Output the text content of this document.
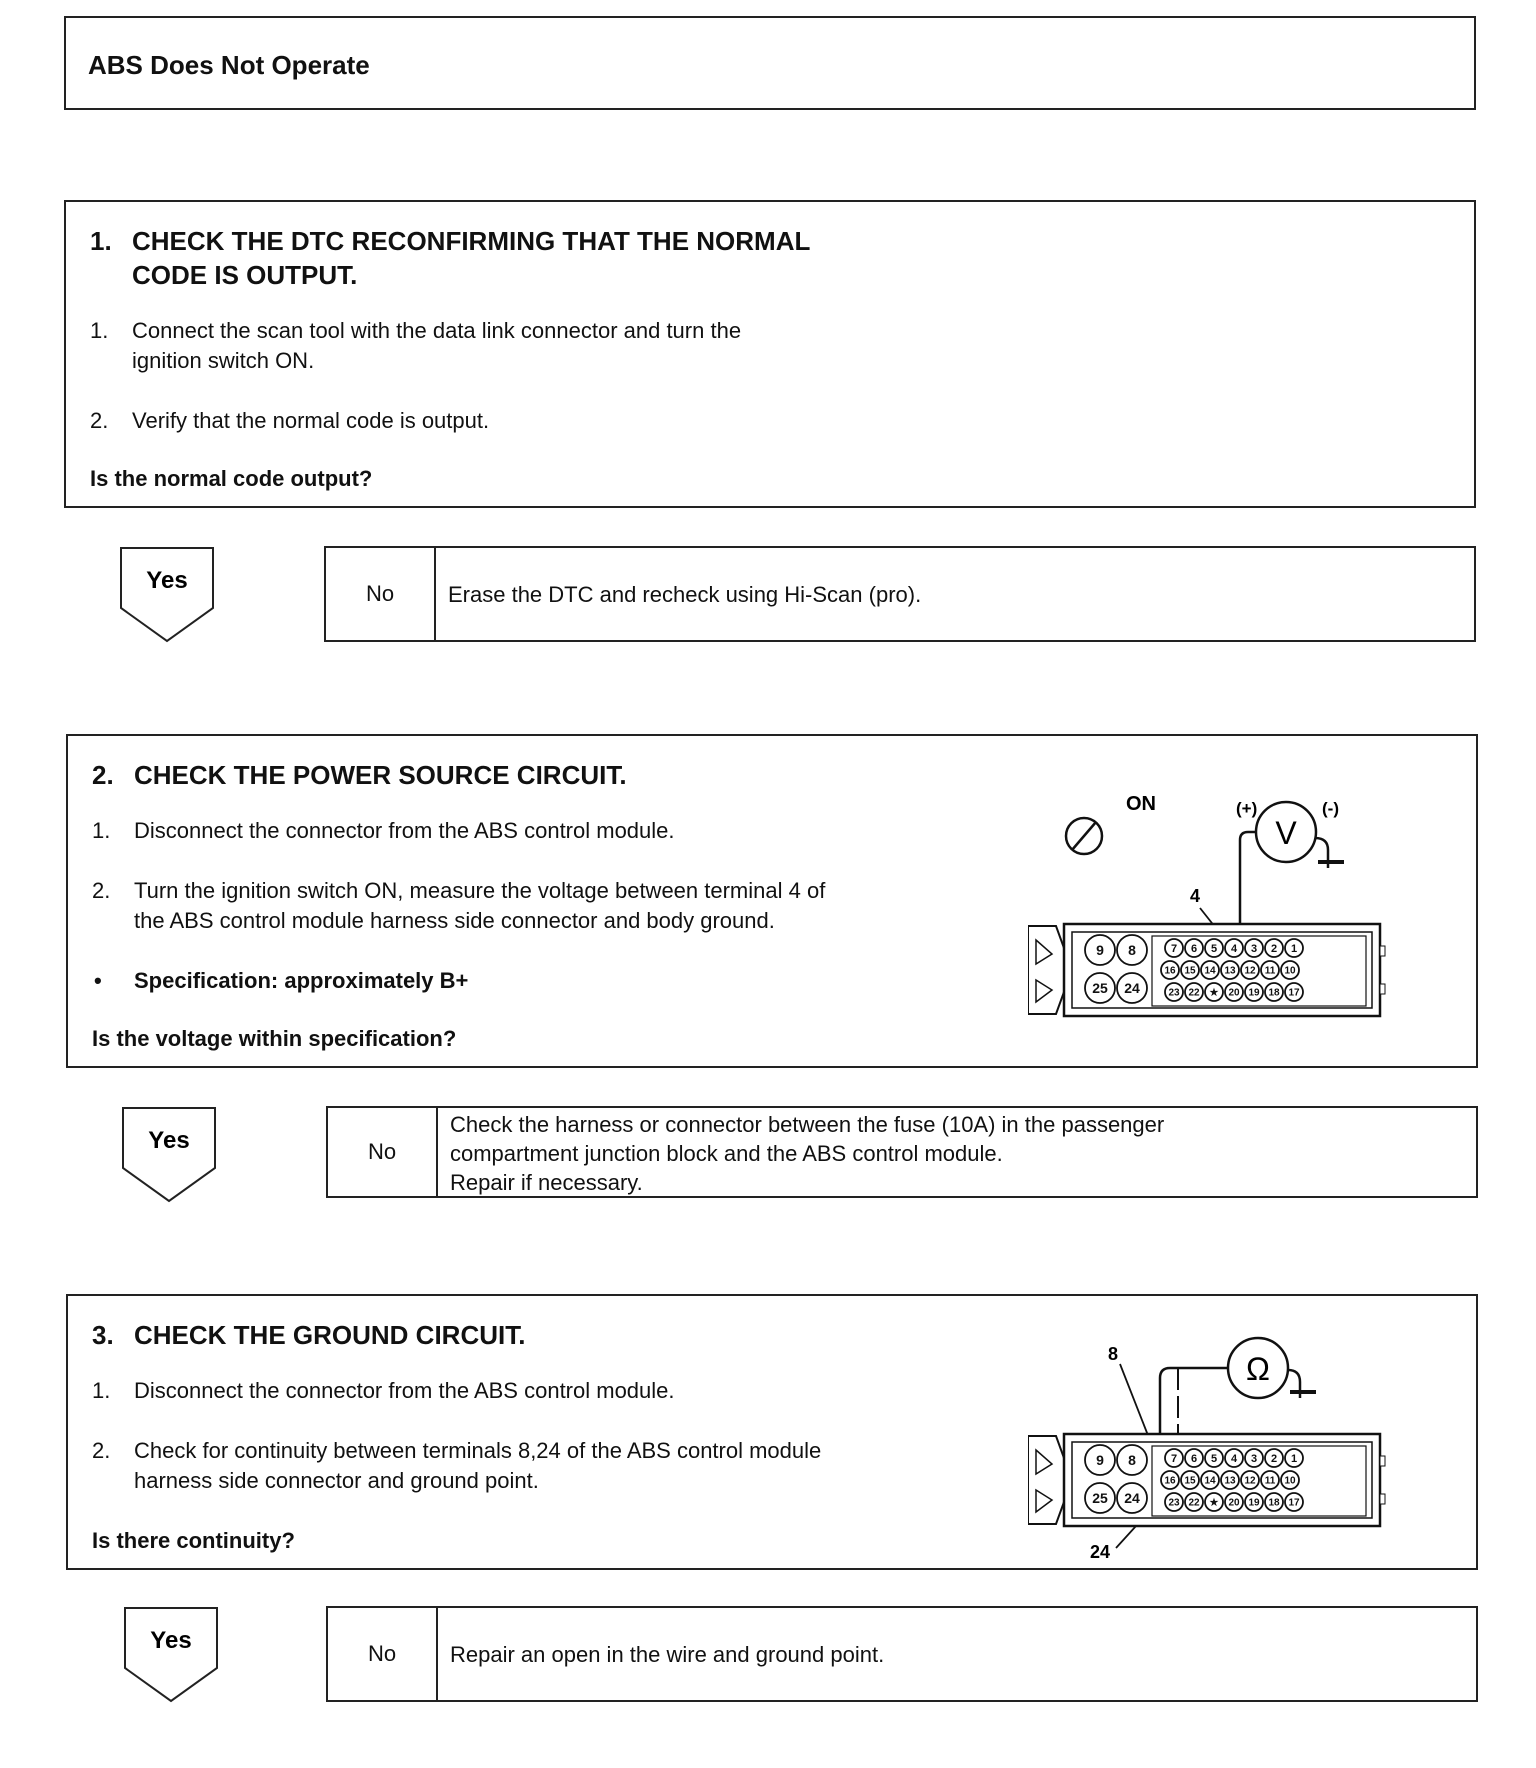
ABS Does Not Operate
1. CHECK THE DTC RECONFIRMING THAT THE NORMAL
CODE IS OUTPUT.
1. Connect the scan tool with the data link connector and turn the
ignition switch ON.
2. Verify that the normal code is output.
Is the normal code output?
Yes	No	Erase the DTC and recheck using Hi-Scan (pro).
2. CHECK THE POWER SOURCE CIRCUIT.
1. Disconnect the connector from the ABS control module.
2. Turn the ignition switch ON, measure the voltage between terminal 4 of
the ABS control module harness side connector and body ground.
• Specification: approximately B+
Is the voltage within specification?
ON
V
(+)	(-)
4
9 8
25 24
7 6 5 4 3 2 1
16 15 14 13 12 11 10
23 22 ★ 20 19 18 17
Yes	No
Check the harness or connector between the fuse (10A) in the passenger
compartment junction block and the ABS control module.
Repair if necessary.
3. CHECK THE GROUND CIRCUIT.
1. Disconnect the connector from the ABS control module.
2. Check for continuity between terminals 8,24 of the ABS control module
harness side connector and ground point.
Is there continuity?
Ω
8
24
9 8
25 24
7 6 5 4 3 2 1
16 15 14 13 12 11 10
23 22 ★ 20 19 18 17
Yes	No	Repair an open in the wire and ground point.
